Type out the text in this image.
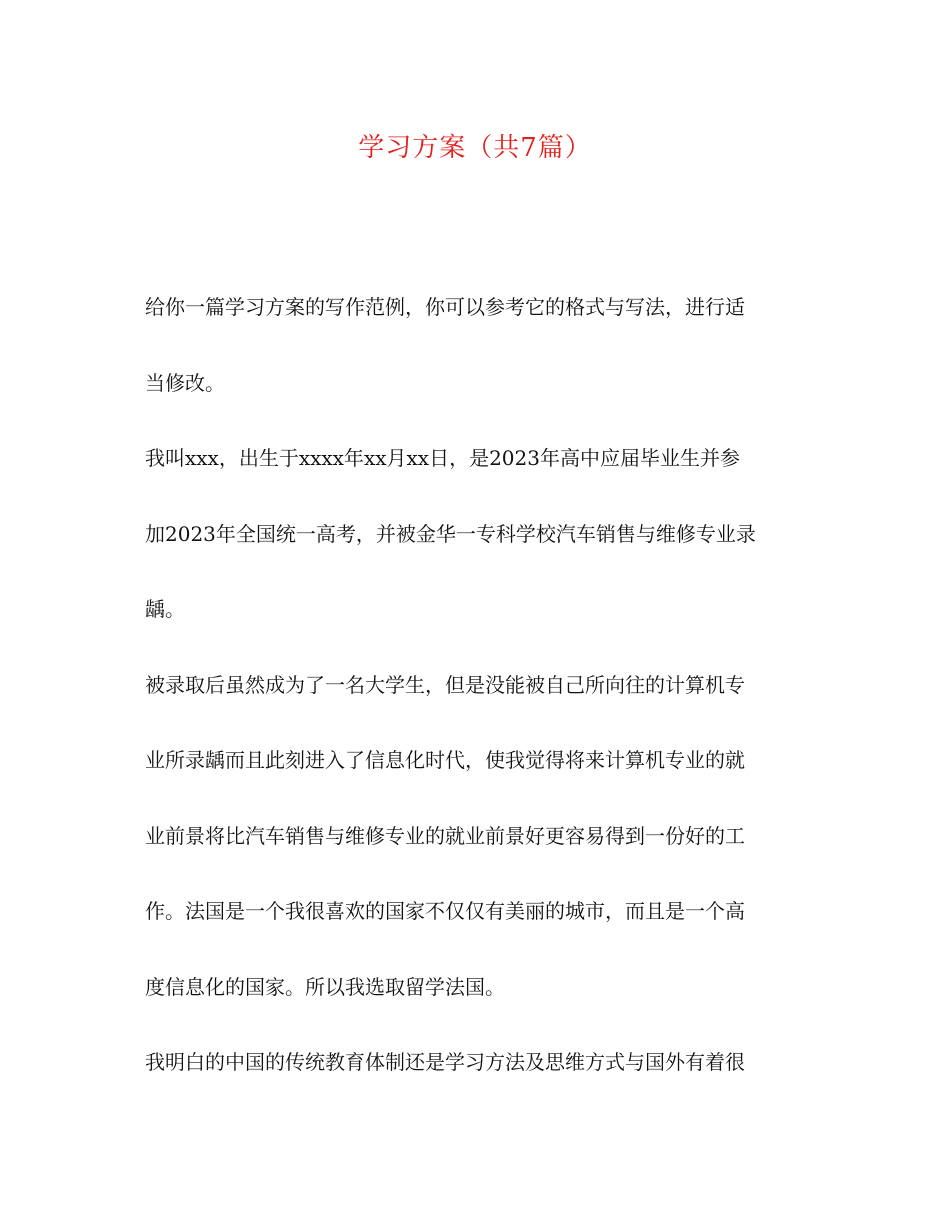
学习方案（共7篇）
给你一篇学习方案的写作范例，你可以参考它的格式与写法，进行适
当修改。
我叫xxx，出生于xxxx年xx月xx日，是2023年高中应届毕业生并参
加2023年全国统一高考，并被金华一专科学校汽车销售与维修专业录
龋。
被录取后虽然成为了一名大学生，但是没能被自己所向往的计算机专
业所录龋而且此刻进入了信息化时代，使我觉得将来计算机专业的就
业前景将比汽车销售与维修专业的就业前景好更容易得到一份好的工
作。法国是一个我很喜欢的国家不仅仅有美丽的城市，而且是一个高
度信息化的国家。所以我选取留学法国。
我明白的中国的传统教育体制还是学习方法及思维方式与国外有着很
